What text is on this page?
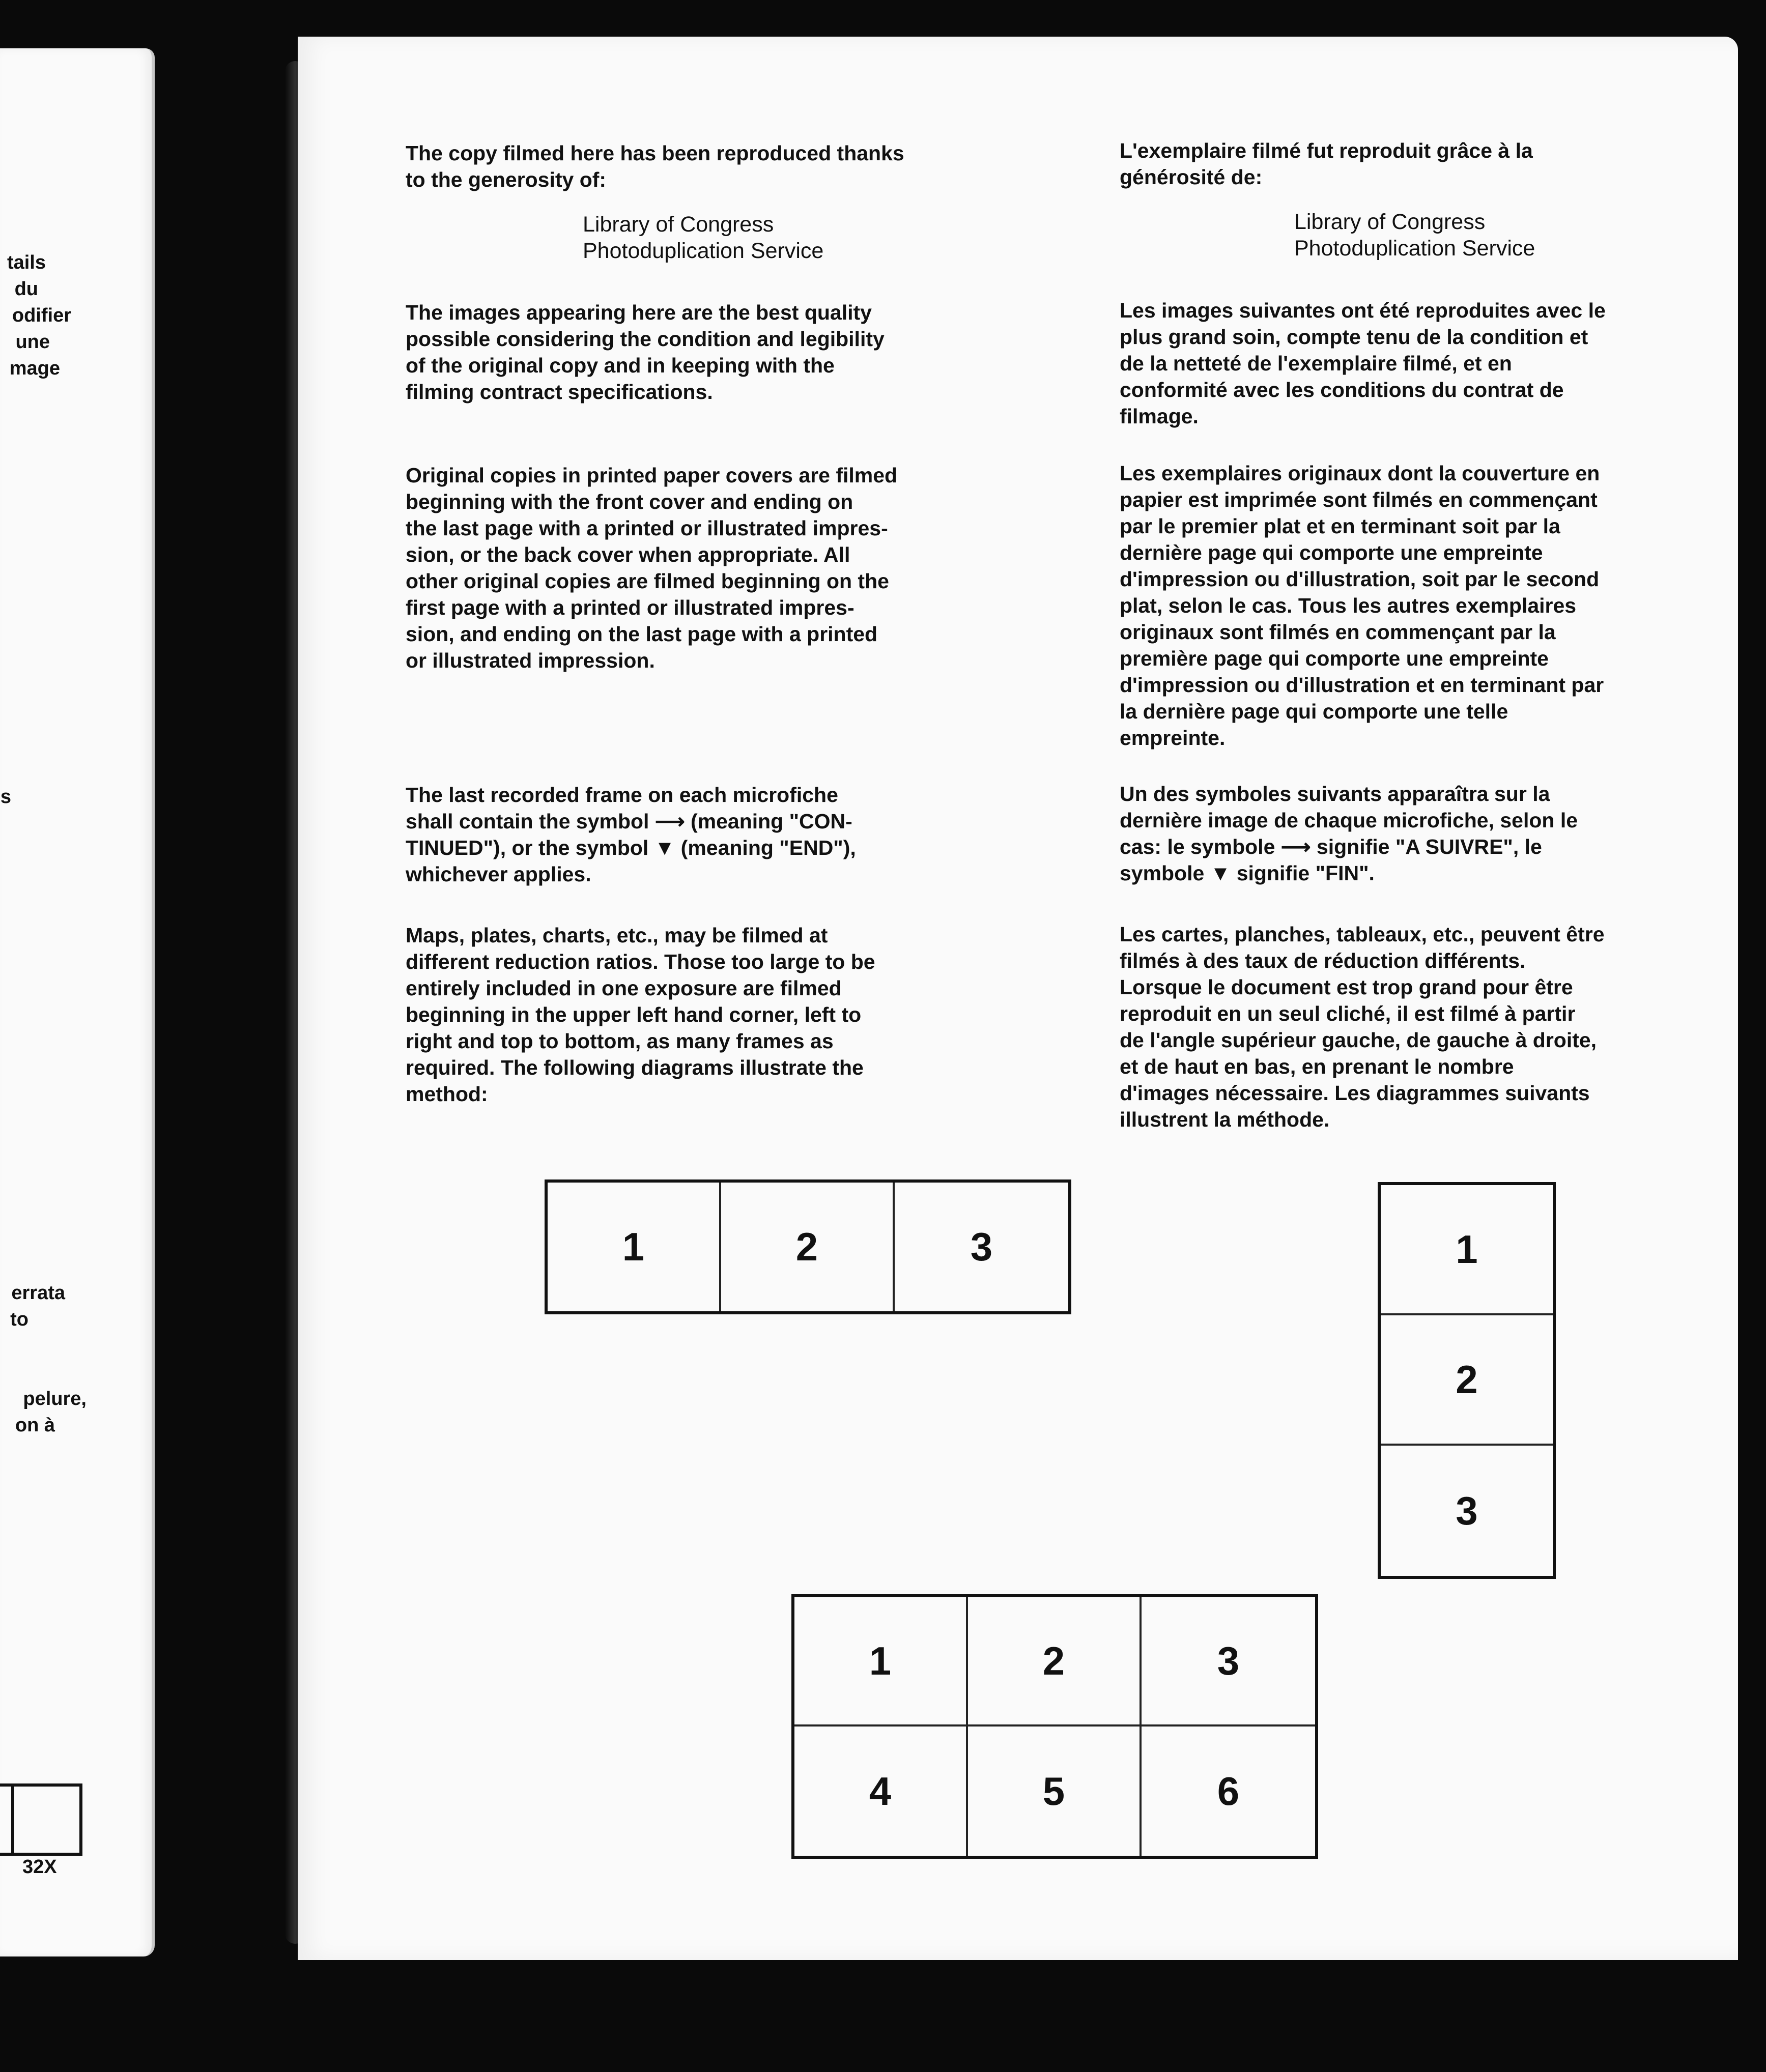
tails
du
odifier
une
mage
s
errata
to
pelure,
on à
32X
The copy filmed here has been reproduced thanks
to the generosity of:
Library of Congress
Photoduplication Service
The images appearing here are the best quality
possible considering the condition and legibility
of the original copy and in keeping with the
filming contract specifications.
Original copies in printed paper covers are filmed
beginning with the front cover and ending on
the last page with a printed or illustrated impres-
sion, or the back cover when appropriate. All
other original copies are filmed beginning on the
first page with a printed or illustrated impres-
sion, and ending on the last page with a printed
or illustrated impression.
The last recorded frame on each microfiche
shall contain the symbol ⟶ (meaning "CON-
TINUED"), or the symbol ▼ (meaning "END"),
whichever applies.
Maps, plates, charts, etc., may be filmed at
different reduction ratios. Those too large to be
entirely included in one exposure are filmed
beginning in the upper left hand corner, left to
right and top to bottom, as many frames as
required. The following diagrams illustrate the
method:
L'exemplaire filmé fut reproduit grâce à la
générosité de:
Library of Congress
Photoduplication Service
Les images suivantes ont été reproduites avec le
plus grand soin, compte tenu de la condition et
de la netteté de l'exemplaire filmé, et en
conformité avec les conditions du contrat de
filmage.
Les exemplaires originaux dont la couverture en
papier est imprimée sont filmés en commençant
par le premier plat et en terminant soit par la
dernière page qui comporte une empreinte
d'impression ou d'illustration, soit par le second
plat, selon le cas. Tous les autres exemplaires
originaux sont filmés en commençant par la
première page qui comporte une empreinte
d'impression ou d'illustration et en terminant par
la dernière page qui comporte une telle
empreinte.
Un des symboles suivants apparaîtra sur la
dernière image de chaque microfiche, selon le
cas: le symbole ⟶ signifie "A SUIVRE", le
symbole ▼ signifie "FIN".
Les cartes, planches, tableaux, etc., peuvent être
filmés à des taux de réduction différents.
Lorsque le document est trop grand pour être
reproduit en un seul cliché, il est filmé à partir
de l'angle supérieur gauche, de gauche à droite,
et de haut en bas, en prenant le nombre
d'images nécessaire. Les diagrammes suivants
illustrent la méthode.
1	2	3	1
2
3
1	2	3
4	5	6
